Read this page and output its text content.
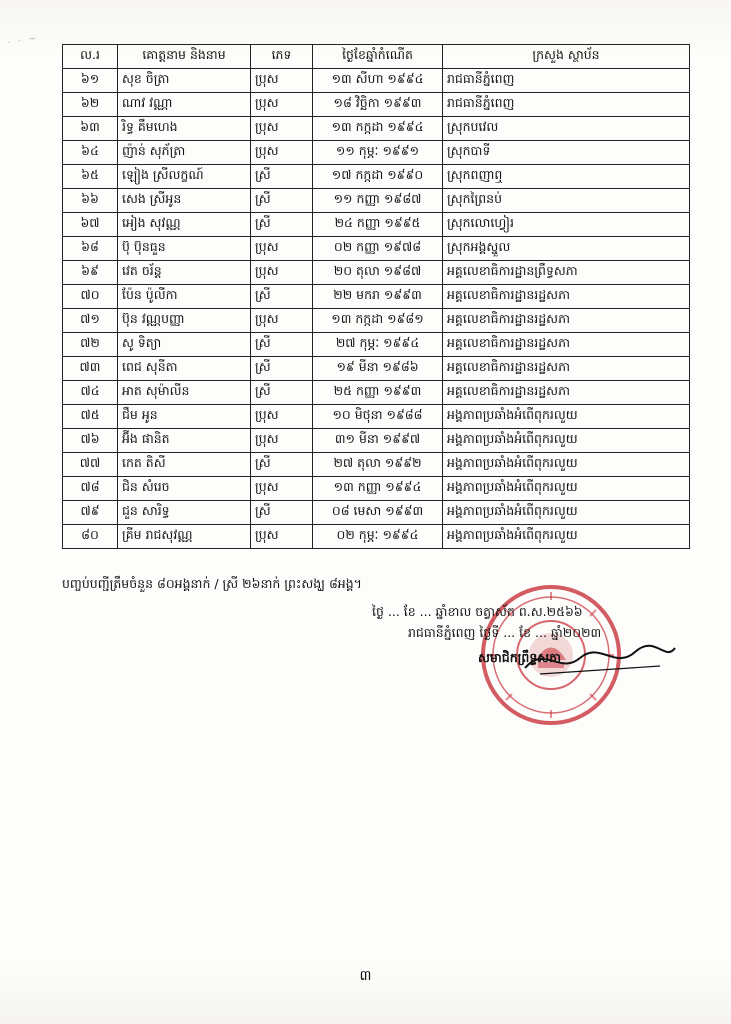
· · ~
ល.រ	គោត្តនាម និងនាម	ភេទ	ថ្ងៃខែឆ្នាំកំណើត	ក្រសួង ស្ថាប័ន
៦១	សុខ ចិត្រា	ប្រុស	១៣ សីហា ១៩៩៤	រាជធានីភ្នំពេញ
៦២	ណាវ វណ្ណា	ប្រុស	១៨ វិច្ឆិកា ១៩៩៣	រាជធានីភ្នំពេញ
៦៣	រិទ្ធ គឹមហេង	ប្រុស	១៣ កក្កដា ១៩៩៤	ស្រុកបវេល
៦៤	ញ៉ាន់ សុភ័ត្រា	ប្រុស	១១ កុម្ភៈ ១៩៩១	ស្រុកបាទី
៦៥	ឡៀង ស្រីលក្ខណ៍	ស្រី	១៧ កក្កដា ១៩៩០	ស្រុកពញាឮ
៦៦	សេង ស្រីអូន	ស្រី	១១ កញ្ញា ១៩៨៧	ស្រុកព្រៃនប់
៦៧	អៀង សុវណ្ណ	ស្រី	២៤ កញ្ញា ១៩៩៥	ស្រុកលោហ្វៀរ
៦៨	ប៊ុ ប៊ុនធួន	ប្រុស	០២ កញ្ញា ១៩៧៨	ស្រុកអង្គស្នួល
៦៩	វេត ចរ័ន្ត	ប្រុស	២០ តុលា ១៩៨៧	អគ្គលេខាធិការដ្ឋានព្រឹទ្ធសភា
៧០	ប៉ែន ប៉ូលីកា	ស្រី	២២ មករា ១៩៩៣	អគ្គលេខាធិការដ្ឋានរដ្ឋសភា
៧១	ប៊ុន វណ្ណបញ្ញា	ប្រុស	១៣ កក្កដា ១៩៨១	អគ្គលេខាធិការដ្ឋានរដ្ឋសភា
៧២	សូ ទិត្យា	ស្រី	២៧ កុម្ភៈ ១៩៩៤	អគ្គលេខាធិការដ្ឋានរដ្ឋសភា
៧៣	ពេជ សុនីតា	ស្រី	១៩ មីនា ១៩៨៦	អគ្គលេខាធិការដ្ឋានរដ្ឋសភា
៧៤	អាត សុម៉ាលីន	ស្រី	២៥ កញ្ញា ១៩៩៣	អគ្គលេខាធិការដ្ឋានរដ្ឋសភា
៧៥	ជឹម អូន	ប្រុស	១០ មិថុនា ១៩៨៨	អង្គភាពប្រឆាំងអំពើពុករលួយ
៧៦	អ៊ីង ផានិត	ប្រុស	៣១ មីនា ១៩៩៧	អង្គភាពប្រឆាំងអំពើពុករលួយ
៧៧	កេត តិសី	ស្រី	២៧ តុលា ១៩៩២	អង្គភាពប្រឆាំងអំពើពុករលួយ
៧៨	ជិន សំរេច	ប្រុស	១៣ កញ្ញា ១៩៩៤	អង្គភាពប្រឆាំងអំពើពុករលួយ
៧៩	ជួន សារិទ្ធ	ស្រី	០៨ មេសា ១៩៩៣	អង្គភាពប្រឆាំងអំពើពុករលួយ
៨០	គ្រីម រាជសុវណ្ណ	ប្រុស	០២ កុម្ភៈ ១៩៩៤	អង្គភាពប្រឆាំងអំពើពុករលួយ
បញ្ចប់បញ្ជីត្រឹមចំនួន ៨០អង្គនាក់ / ស្រី ២៦នាក់ ព្រះសង្ឃ ៨អង្គ។
ថ្ងៃ ... ខែ ... ឆ្នាំខាល ចត្វាស័ក ព.ស.២៥៦៦
រាជធានីភ្នំពេញ ថ្ងៃទី ... ខែ ... ឆ្នាំ២០២៣
សមាជិកព្រឹទ្ធសភា
៣
